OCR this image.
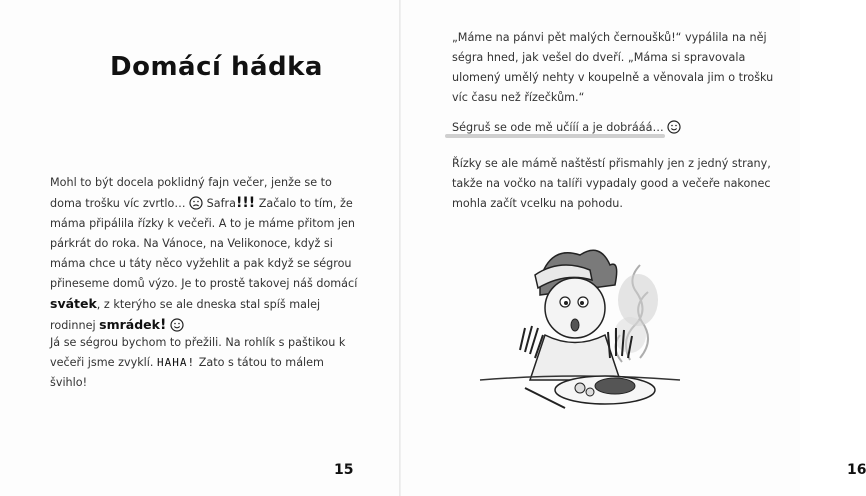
Domácí hádka

Mohl to být docela poklidný fajn večer, jenže se to doma trošku víc zvrtlo… Safra!!! Začalo to tím, že máma připálila řízky k večeři. A to je máme přitom jen párkrát do roka. Na Vánoce, na Velikonoce, když si máma chce u táty něco vyžehlit a pak když se ségrou přineseme domů výzo. Je to prostě takovej náš domácí svátek, z kterýho se ale dneska stal spíš malej rodinnej smrádek!

Já se ségrou bychom to přežili. Na rohlík s paštikou k večeři jsme zvyklí. HAHA! Zato s tátou to málem švihlo!

15

„Máme na pánvi pět malých černoušků!“ vypálila na něj ségra hned, jak vešel do dveří. „Máma si spravovala ulomený umělý nehty v koupelně a věnovala jim o trošku víc času než řízečkům.“

Ségruš se ode mě učííí a je dobrááá…

Řízky se ale mámě naštěstí přismahly jen z jedný strany, takže na vočko na talíři vypadaly good a večeře nakonec mohla začít vcelku na pohodu.

16
